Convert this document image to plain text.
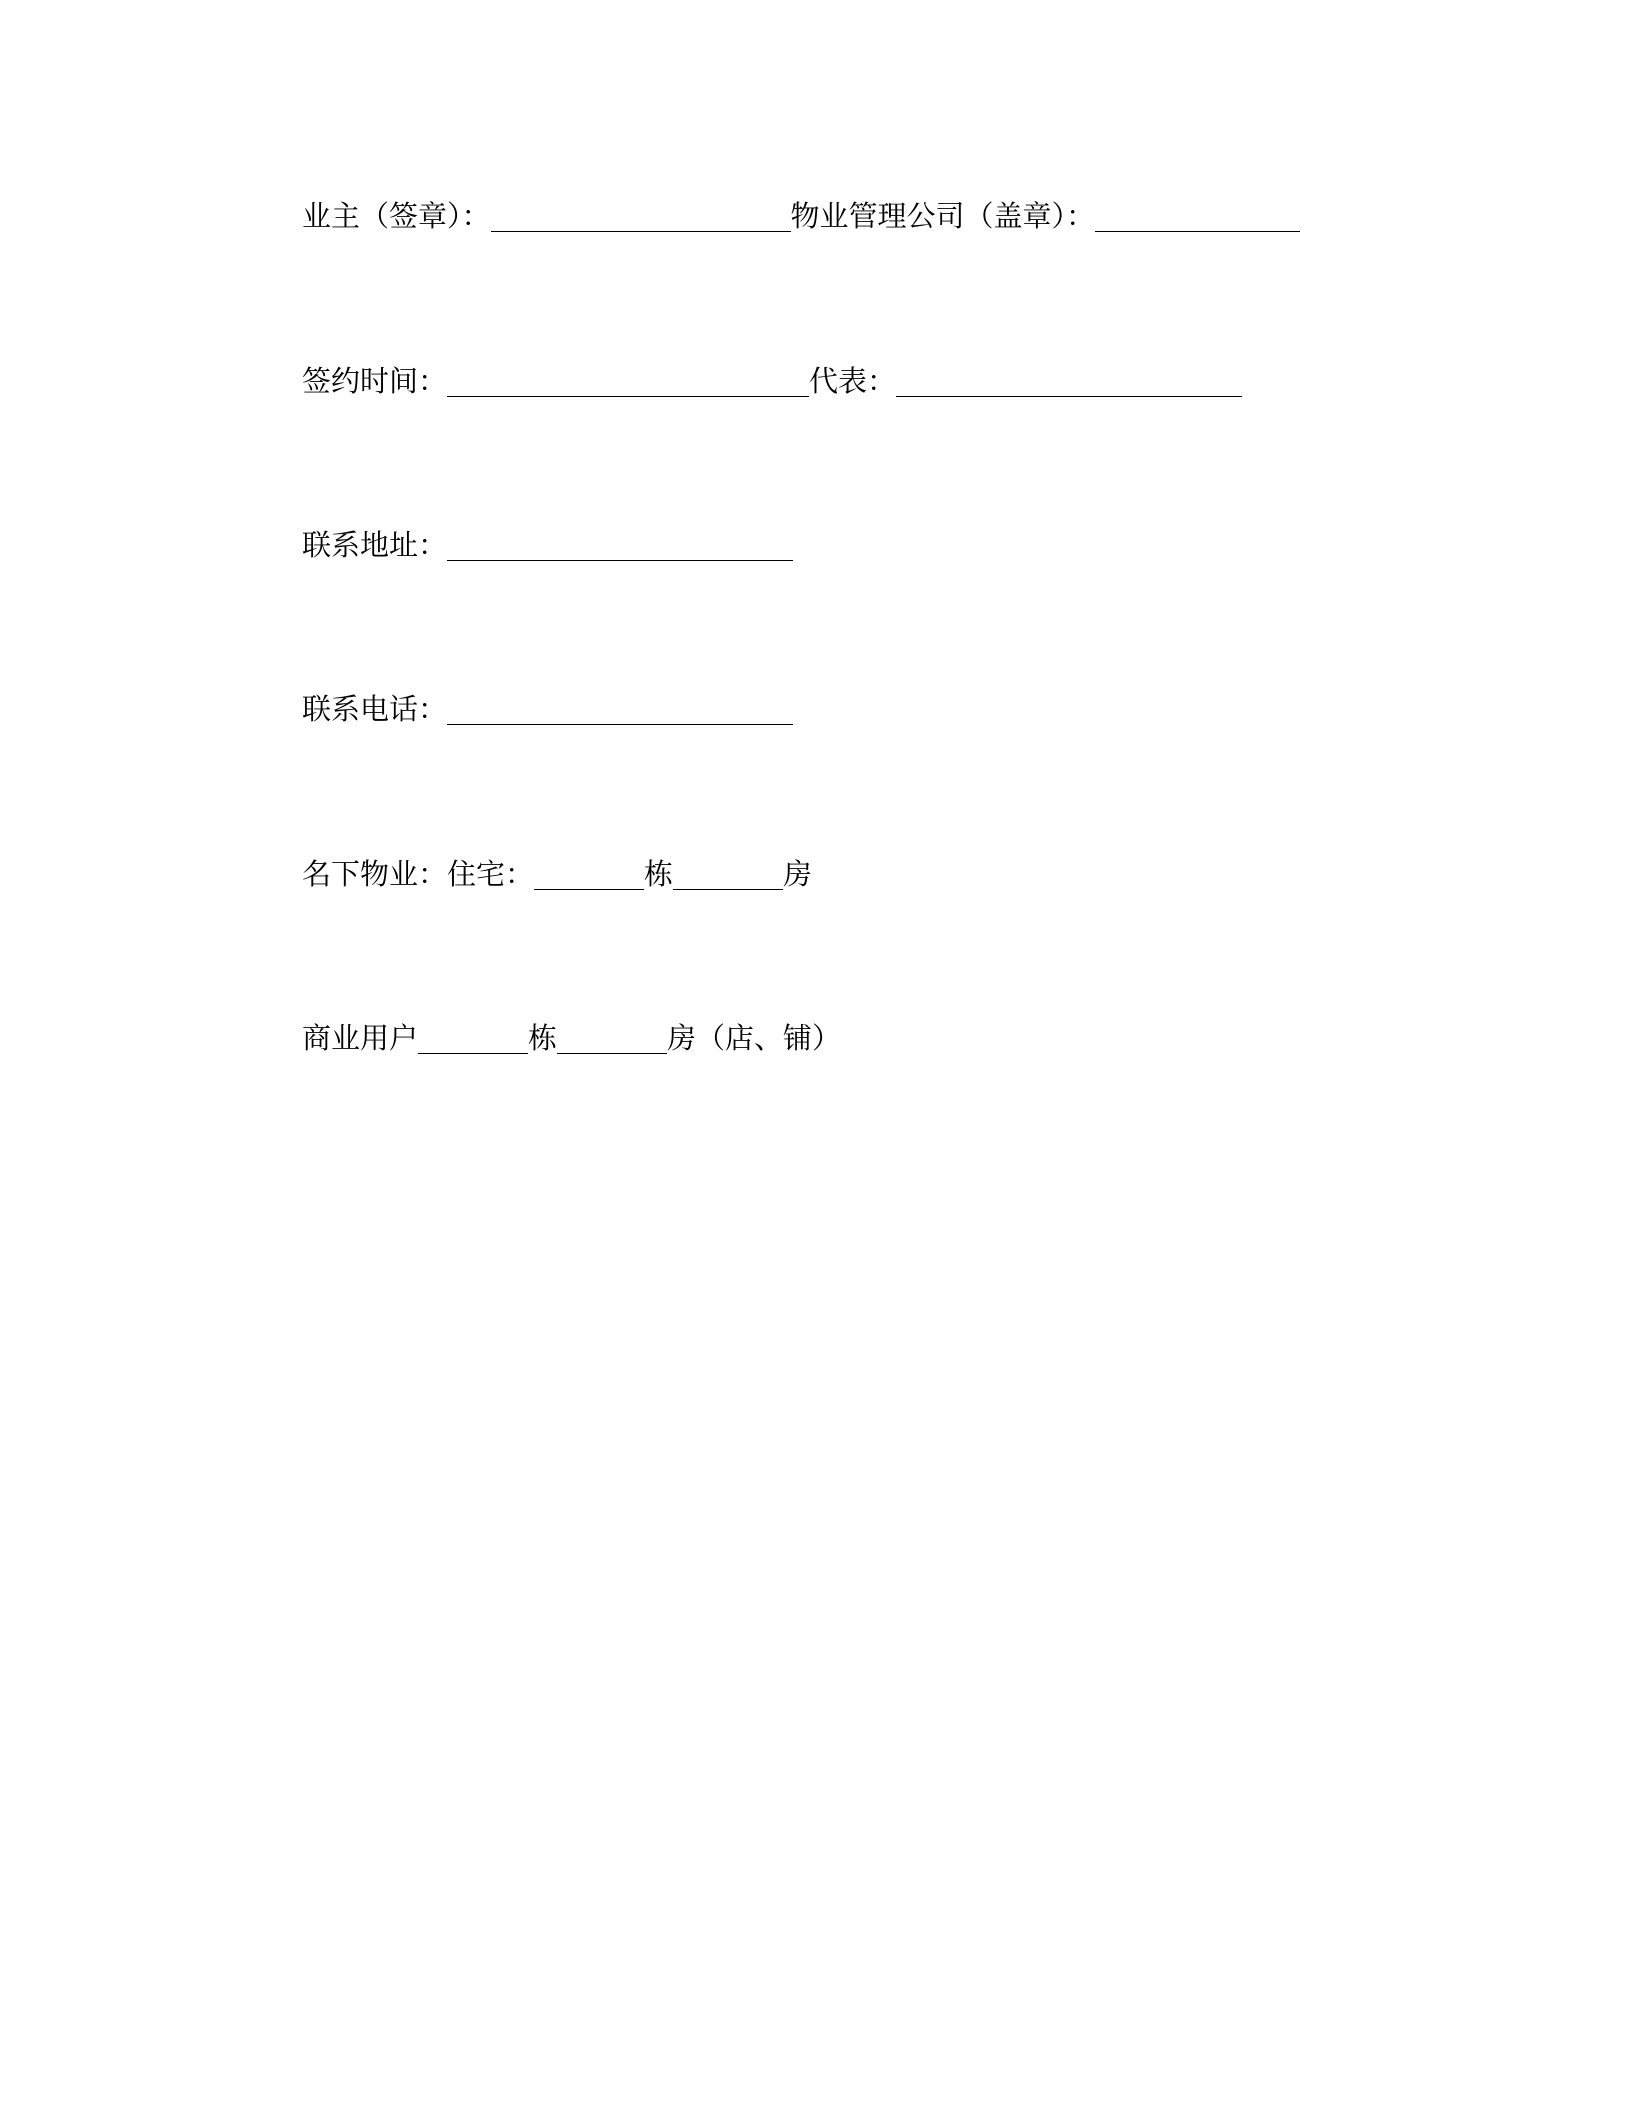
业主（签章）：	物业管理公司（盖章）：
签约时间：	代表：
联系地址：
联系电话：
名下物业：住宅：	栋	房
商业用户	栋	房（店、铺）
